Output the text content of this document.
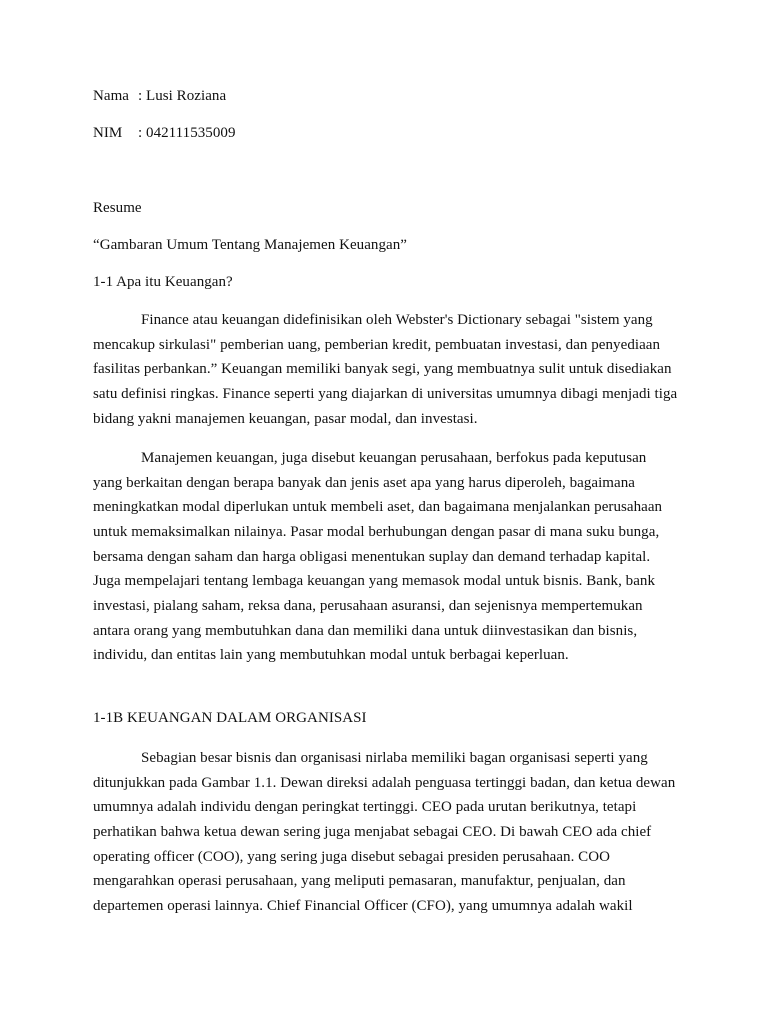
Nama : Lusi Roziana
NIM : 042111535009
Resume
“Gambaran Umum Tentang Manajemen Keuangan”
1-1 Apa itu Keuangan?

Finance atau keuangan didefinisikan oleh Webster's Dictionary sebagai "sistem yang mencakup sirkulasi" pemberian uang, pemberian kredit, pembuatan investasi, dan penyediaan fasilitas perbankan.” Keuangan memiliki banyak segi, yang membuatnya sulit untuk disediakan satu definisi ringkas. Finance seperti yang diajarkan di universitas umumnya dibagi menjadi tiga bidang yakni manajemen keuangan, pasar modal, dan investasi.

Manajemen keuangan, juga disebut keuangan perusahaan, berfokus pada keputusan yang berkaitan dengan berapa banyak dan jenis aset apa yang harus diperoleh, bagaimana meningkatkan modal diperlukan untuk membeli aset, dan bagaimana menjalankan perusahaan untuk memaksimalkan nilainya. Pasar modal berhubungan dengan pasar di mana suku bunga, bersama dengan saham dan harga obligasi menentukan suplay dan demand terhadap kapital. Juga mempelajari tentang lembaga keuangan yang memasok modal untuk bisnis. Bank, bank investasi, pialang saham, reksa dana, perusahaan asuransi, dan sejenisnya mempertemukan antara orang yang membutuhkan dana dan memiliki dana untuk diinvestasikan dan bisnis, individu, dan entitas lain yang membutuhkan modal untuk berbagai keperluan.

1-1B KEUANGAN DALAM ORGANISASI

Sebagian besar bisnis dan organisasi nirlaba memiliki bagan organisasi seperti yang ditunjukkan pada Gambar 1.1. Dewan direksi adalah penguasa tertinggi badan, dan ketua dewan umumnya adalah individu dengan peringkat tertinggi. CEO pada urutan berikutnya, tetapi perhatikan bahwa ketua dewan sering juga menjabat sebagai CEO. Di bawah CEO ada chief operating officer (COO), yang sering juga disebut sebagai presiden perusahaan. COO mengarahkan operasi perusahaan, yang meliputi pemasaran, manufaktur, penjualan, dan departemen operasi lainnya. Chief Financial Officer (CFO), yang umumnya adalah wakil
